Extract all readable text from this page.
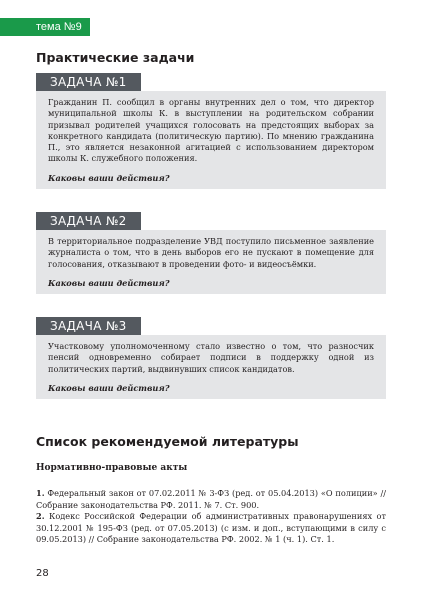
тема №9
Практические задачи
ЗАДАЧА №1
Гражданин П. сообщил в органы внутренних дел о том, что директор муниципальной школы К. в выступлении на родительском собрании призывал родителей учащихся голосовать на предстоящих выборах за конкретного кандидата (политическую партию). По мнению гражданина П., это является незаконной агитацией с использованием директором школы К. служебного положения.
Каковы ваши действия?
ЗАДАЧА №2
В территориальное подразделение УВД поступило письменное заявление журналиста о том, что в день выборов его не пускают в помещение для голосования, отказывают в проведении фото- и видеосъёмки.
Каковы ваши действия?
ЗАДАЧА №3
Участковому уполномоченному стало известно о том, что разносчик пенсий одновременно собирает подписи в поддержку одной из политических партий, выдвинувших список кандидатов.
Каковы ваши действия?
Список рекомендуемой литературы
Нормативно-правовые акты

1. Федеральный закон от 07.02.2011 № 3-ФЗ (ред. от 05.04.2013) «О полиции» // Собрание законодательства РФ. 2011. № 7. Ст. 900.

2. Кодекс Российской Федерации об административных правонарушениях от 30.12.2001 № 195-ФЗ (ред. от 07.05.2013) (с изм. и доп., вступающими в силу с 09.05.2013) // Собрание законодательства РФ. 2002. № 1 (ч. 1). Ст. 1.

28
